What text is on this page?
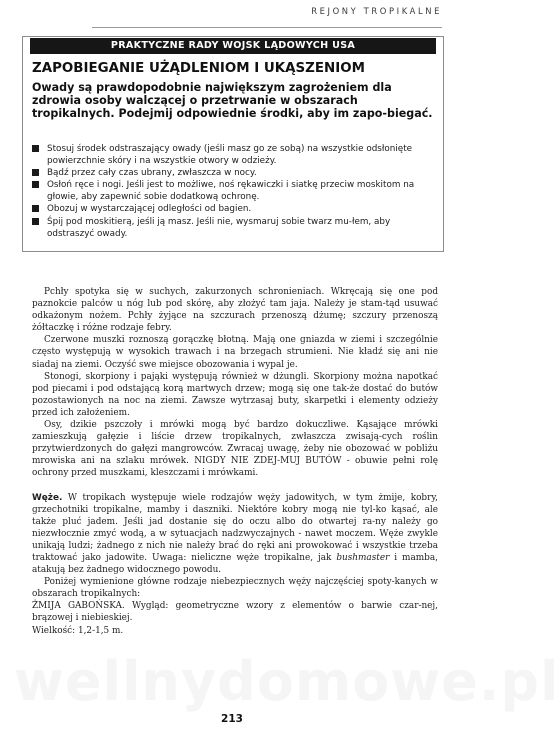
REJONY TROPIKALNE
PRAKTYCZNE RADY WOJSK LĄDOWYCH USA
ZAPOBIEGANIE UŻĄDLENIOM I UKĄSZENIOM

Owady są prawdopodobnie największym zagrożeniem dla zdrowia osoby walczącej o przetrwanie w obszarach tropikalnych. Podejmij odpowiednie środki, aby im zapo-biegać.

Stosuj środek odstraszający owady (jeśli masz go ze sobą) na wszystkie odsłonięte powierzchnie skóry i na wszystkie otwory w odzieży.
Bądź przez cały czas ubrany, zwłaszcza w nocy.
Osłoń ręce i nogi. Jeśli jest to możliwe, noś rękawiczki i siatkę przeciw moskitom na głowie, aby zapewnić sobie dodatkową ochronę.
Obozuj w wystarczającej odległości od bagien.
Śpij pod moskitierą, jeśli ją masz. Jeśli nie, wysmaruj sobie twarz mu-łem, aby odstraszyć owady.

Pchły spotyka się w suchych, zakurzonych schronieniach. Wkręcają się one pod paznokcie palców u nóg lub pod skórę, aby złożyć tam jaja. Należy je stam-tąd usuwać odkażonym nożem. Pchły żyjące na szczurach przenoszą dżumę; szczury przenoszą żółtaczkę i różne rodzaje febry.

Czerwone muszki roznoszą gorączkę błotną. Mają one gniazda w ziemi i szczególnie często występują w wysokich trawach i na brzegach strumieni. Nie kładź się ani nie siadaj na ziemi. Oczyść swe miejsce obozowania i wypal je.

Stonogi, skorpiony i pająki występują również w dżungli. Skorpiony można napotkać pod piecami i pod odstającą korą martwych drzew; mogą się one tak-że dostać do butów pozostawionych na noc na ziemi. Zawsze wytrzasaj buty, skarpetki i elementy odzieży przed ich założeniem.

Osy, dzikie pszczoły i mrówki mogą być bardzo dokuczliwe. Kąsające mrówki zamieszkują gałęzie i liście drzew tropikalnych, zwłaszcza zwisają-cych roślin przytwierdzonych do gałęzi mangrowców. Zwracaj uwagę, żeby nie obozować w pobliżu mrowiska ani na szlaku mrówek. NIGDY NIE ZDEJ-MUJ BUTÓW - obuwie pełni rolę ochrony przed muszkami, kleszczami i mrówkami.

Węże. W tropikach występuje wiele rodzajów węży jadowitych, w tym żmije, kobry, grzechotniki tropikalne, mamby i daszniki. Niektóre kobry mogą nie tyl-ko kąsać, ale także pluć jadem. Jeśli jad dostanie się do oczu albo do otwartej ra-ny należy go niezwłocznie zmyć wodą, a w sytuacjach nadzwyczajnych - nawet moczem. Węże zwykle unikają ludzi; żadnego z nich nie należy brać do ręki ani prowokować i wszystkie trzeba traktować jako jadowite. Uwaga: nieliczne węże tropikalne, jak bushmaster i mamba, atakują bez żadnego widocznego powodu.

Poniżej wymienione główne rodzaje niebezpiecznych węży najczęściej spoty-kanych w obszarach tropikalnych:

ŻMIJA GABOŃSKA. Wygląd: geometryczne wzory z elementów o barwie czar-nej, brązowej i niebieskiej.

Wielkość: 1,2-1,5 m.

wellnydomowe.pl
213
